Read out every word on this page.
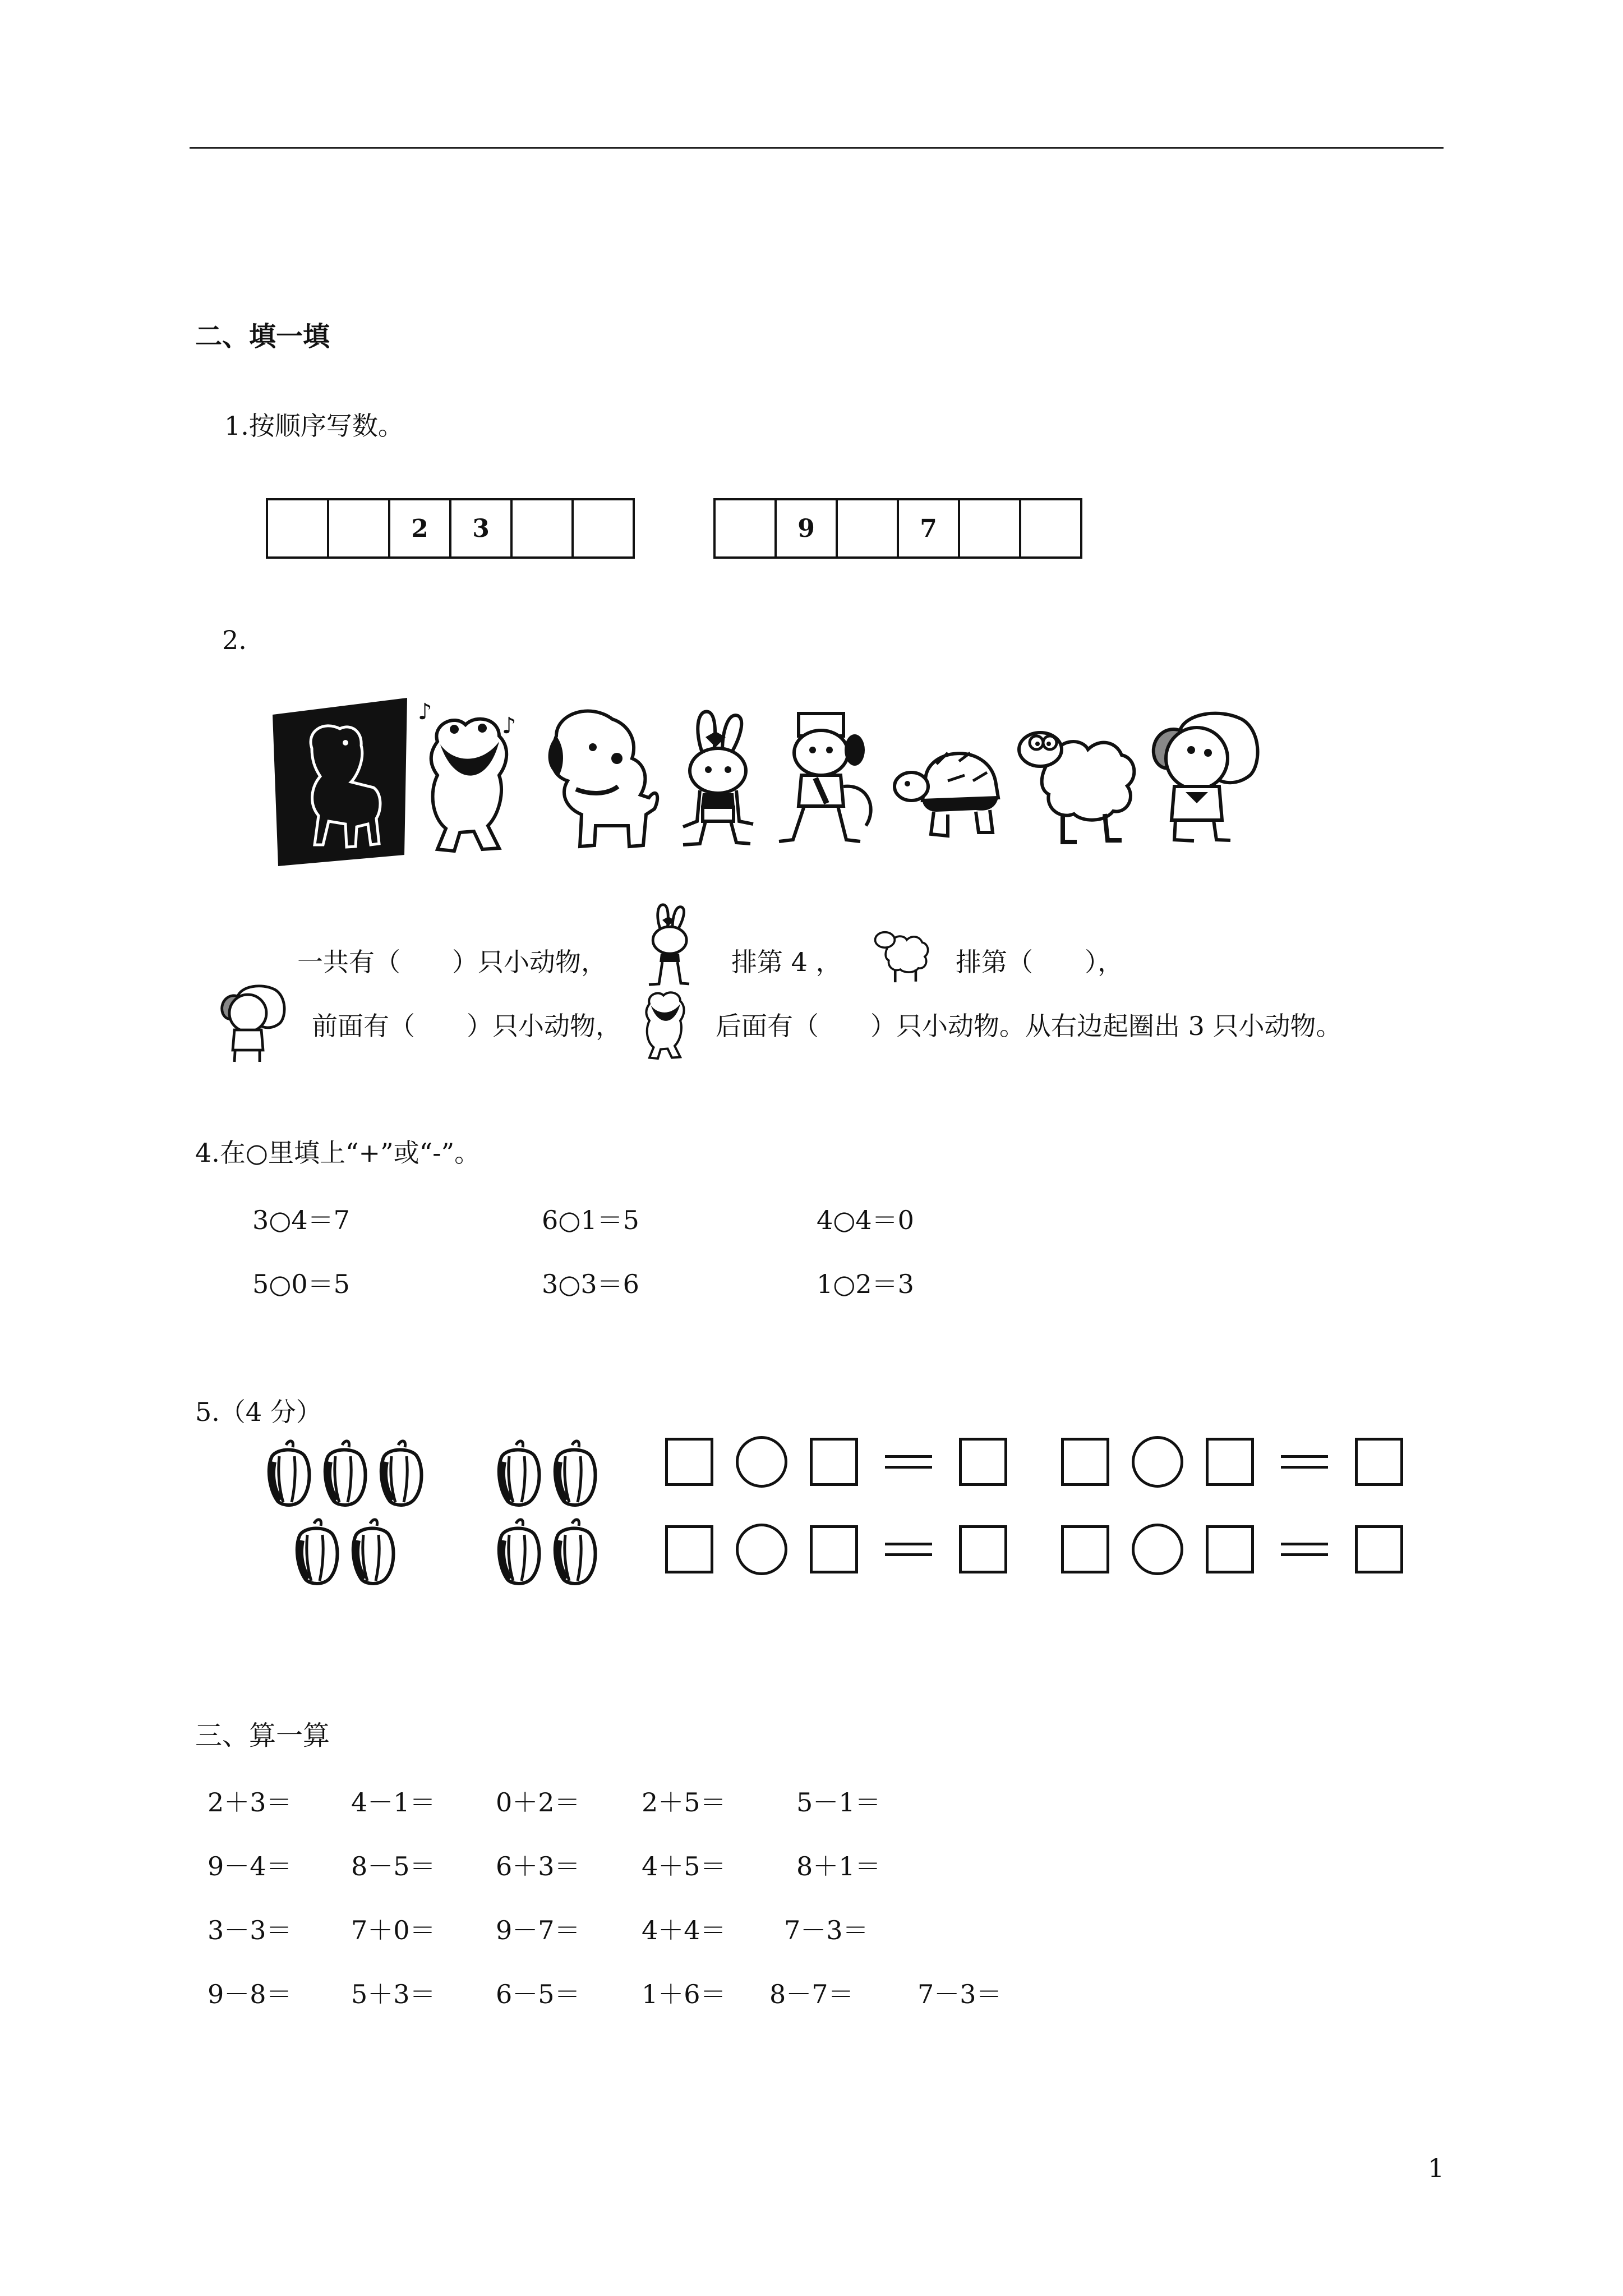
二、填一填
1.按顺序写数。
2	3	9	7
2.
♪
♪
一共有（　　）只小动物，	排第 4 ，	排第（　　），
前面有（　　）只小动物，	后面有（　　）只小动物。从右边起圈出 3 只小动物。
4.在○里填上“+”或“-”。
3○4＝7	6○1＝5	4○4＝0
5○0＝5	3○3＝6	1○2＝3
5.（4 分）
三、算一算
2＋3＝ 4－1＝ 0＋2＝ 2＋5＝	5－1＝
9－4＝ 8－5＝ 6＋3＝ 4＋5＝	8＋1＝
3－3＝ 7＋0＝ 9－7＝ 4＋4＝ 7－3＝
9－8＝ 5＋3＝ 6－5＝ 1＋6＝ 8－7＝ 7－3＝
1
